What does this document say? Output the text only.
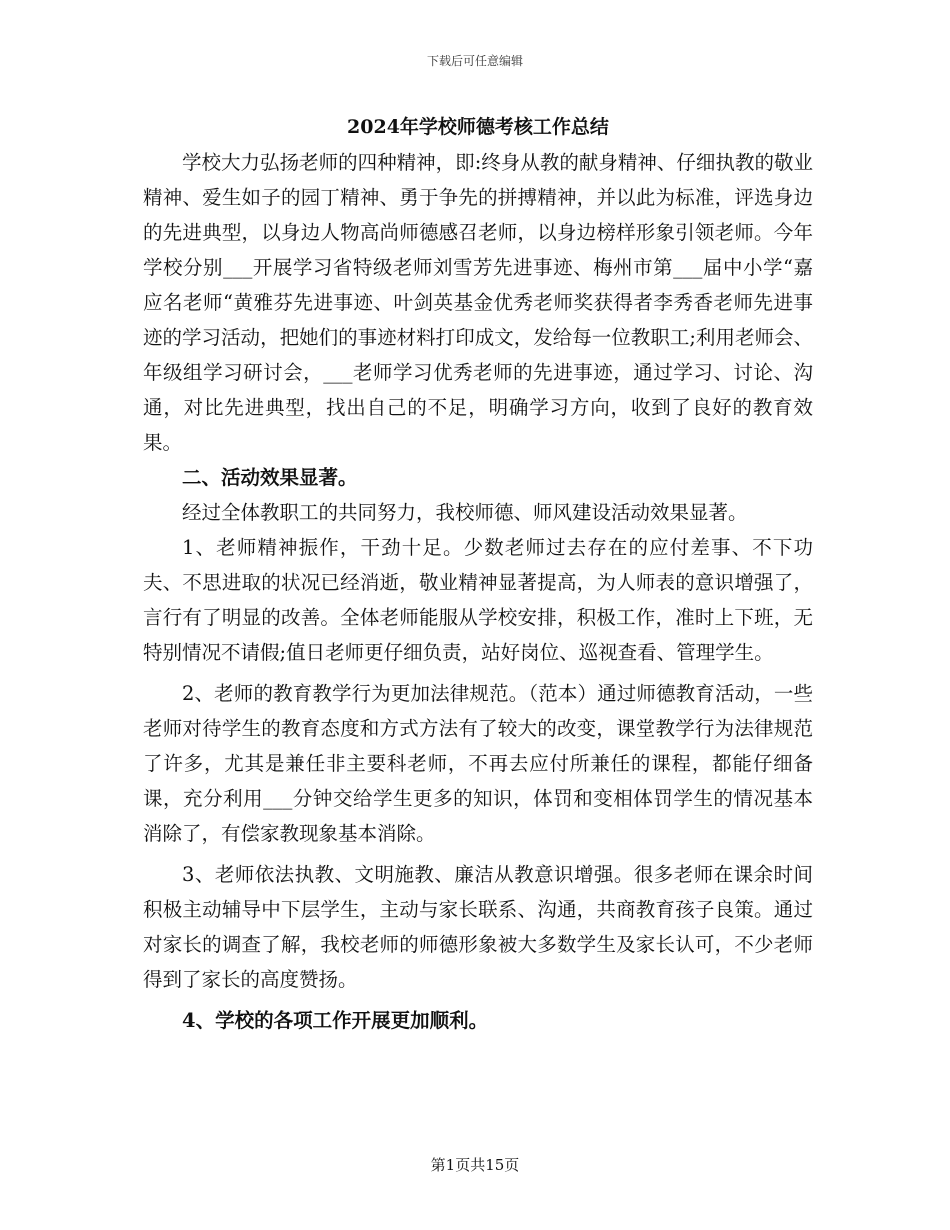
下载后可任意编辑
2024年学校师德考核工作总结

学校大力弘扬老师的四种精神，即:终身从教的献身精神、仔细执教的敬业精神、爱生如子的园丁精神、勇于争先的拼搏精神，并以此为标准，评选身边的先进典型，以身边人物高尚师德感召老师，以身边榜样形象引领老师。今年学校分别___开展学习省特级老师刘雪芳先进事迹、梅州市第___届中小学“嘉应名老师“黄雅芬先进事迹、叶剑英基金优秀老师奖获得者李秀香老师先进事迹的学习活动，把她们的事迹材料打印成文，发给每一位教职工;利用老师会、年级组学习研讨会，___老师学习优秀老师的先进事迹，通过学习、讨论、沟通，对比先进典型，找出自己的不足，明确学习方向，收到了良好的教育效果。

二、活动效果显著。

经过全体教职工的共同努力，我校师德、师风建设活动效果显著。

1、老师精神振作，干劲十足。少数老师过去存在的应付差事、不下功夫、不思进取的状况已经消逝，敬业精神显著提高，为人师表的意识增强了，言行有了明显的改善。全体老师能服从学校安排，积极工作，准时上下班，无特别情况不请假;值日老师更仔细负责，站好岗位、巡视查看、管理学生。

2、老师的教育教学行为更加法律规范。（范本）通过师德教育活动，一些老师对待学生的教育态度和方式方法有了较大的改变，课堂教学行为法律规范了许多，尤其是兼任非主要科老师，不再去应付所兼任的课程，都能仔细备课，充分利用___分钟交给学生更多的知识，体罚和变相体罚学生的情况基本消除了，有偿家教现象基本消除。

3、老师依法执教、文明施教、廉洁从教意识增强。很多老师在课余时间积极主动辅导中下层学生，主动与家长联系、沟通，共商教育孩子良策。通过对家长的调查了解，我校老师的师德形象被大多数学生及家长认可，不少老师得到了家长的高度赞扬。

4、学校的各项工作开展更加顺利。

第1页共15页
